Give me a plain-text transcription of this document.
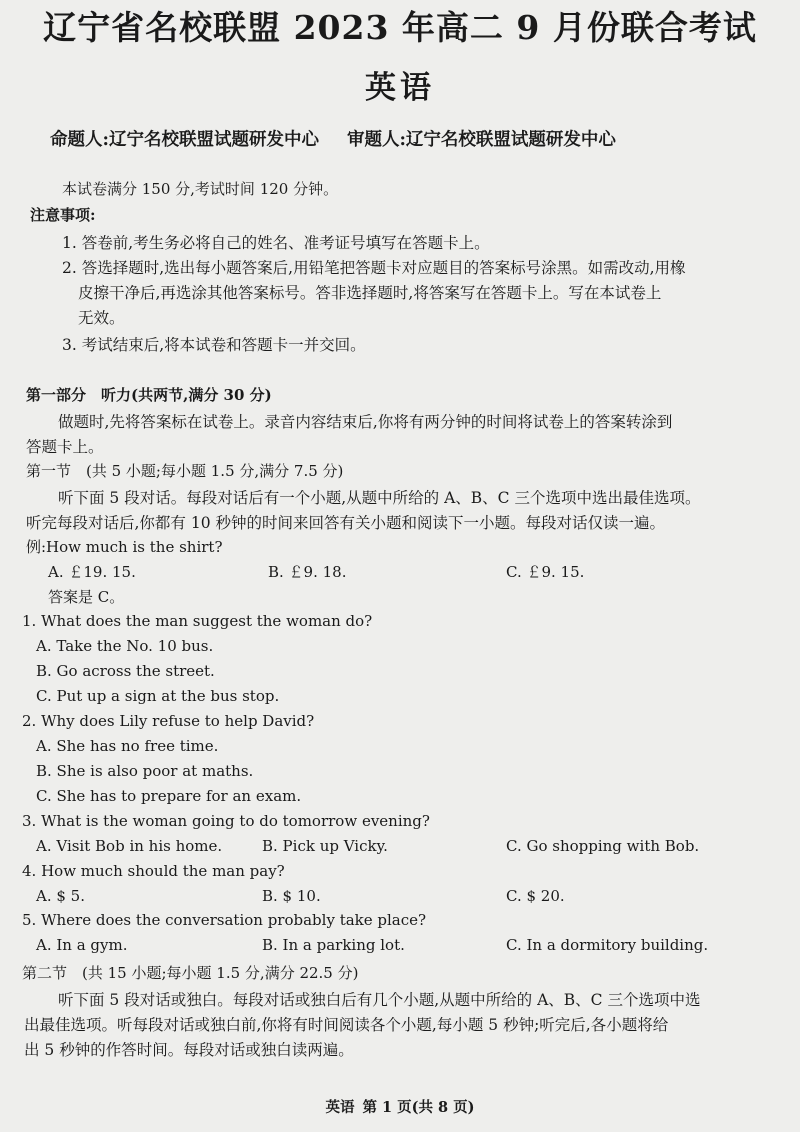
辽宁省名校联盟 2023 年高二 9 月份联合考试
英语
命题人:辽宁名校联盟试题研发中心 审题人:辽宁名校联盟试题研发中心
本试卷满分 150 分,考试时间 120 分钟。
注意事项:
1. 答卷前,考生务必将自己的姓名、准考证号填写在答题卡上。
2. 答选择题时,选出每小题答案后,用铅笔把答题卡对应题目的答案标号涂黑。如需改动,用橡
皮擦干净后,再选涂其他答案标号。答非选择题时,将答案写在答题卡上。写在本试卷上
无效。
3. 考试结束后,将本试卷和答题卡一并交回。
第一部分　听力(共两节,满分 30 分)
做题时,先将答案标在试卷上。录音内容结束后,你将有两分钟的时间将试卷上的答案转涂到
答题卡上。
第一节　(共 5 小题;每小题 1.5 分,满分 7.5 分)
听下面 5 段对话。每段对话后有一个小题,从题中所给的 A、B、C 三个选项中选出最佳选项。
听完每段对话后,你都有 10 秒钟的时间来回答有关小题和阅读下一小题。每段对话仅读一遍。
例:How much is the shirt?
A. ￡19. 15.	B. ￡9. 18.	C. ￡9. 15.
答案是 C。
1. What does the man suggest the woman do?
A. Take the No. 10 bus.
B. Go across the street.
C. Put up a sign at the bus stop.
2. Why does Lily refuse to help David?
A. She has no free time.
B. She is also poor at maths.
C. She has to prepare for an exam.
3. What is the woman going to do tomorrow evening?
A. Visit Bob in his home.	B. Pick up Vicky.	C. Go shopping with Bob.
4. How much should the man pay?
A. $ 5.	B. $ 10.	C. $ 20.
5. Where does the conversation probably take place?
A. In a gym.	B. In a parking lot.	C. In a dormitory building.
第二节　(共 15 小题;每小题 1.5 分,满分 22.5 分)
听下面 5 段对话或独白。每段对话或独白后有几个小题,从题中所给的 A、B、C 三个选项中选
出最佳选项。听每段对话或独白前,你将有时间阅读各个小题,每小题 5 秒钟;听完后,各小题将给
出 5 秒钟的作答时间。每段对话或独白读两遍。
英语 第 1 页(共 8 页)
